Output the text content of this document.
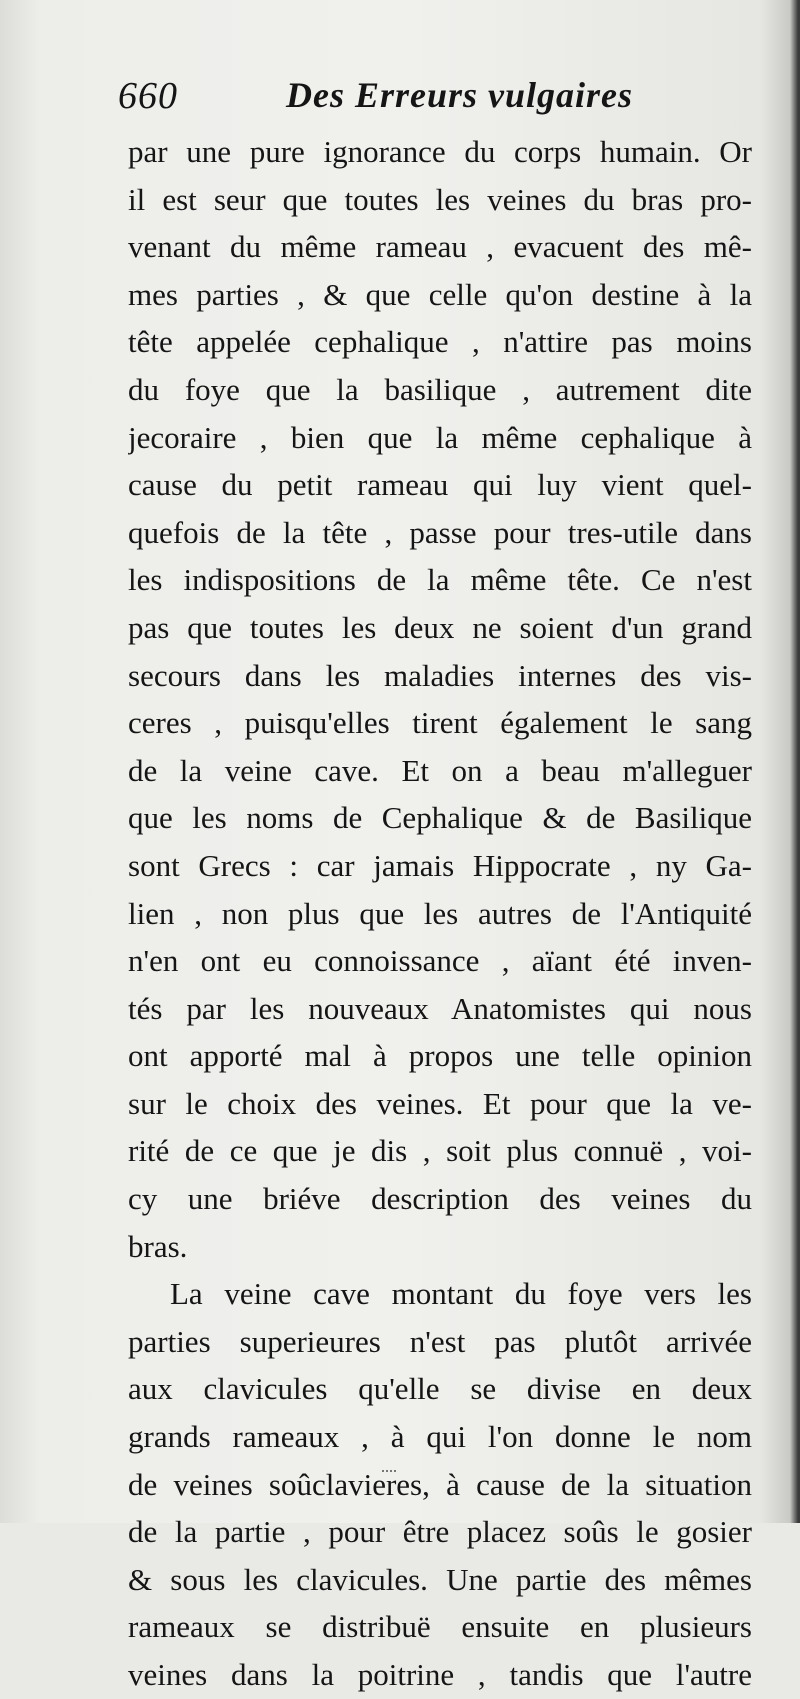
660	Des Erreurs vulgaires
par une pure ignorance du corps humain. Or
il est seur que toutes les veines du bras pro-
venant du même rameau , evacuent des mê-
mes parties , & que celle qu'on destine à la
tête appelée cephalique , n'attire pas moins
du foye que la basilique , autrement dite
jecoraire , bien que la même cephalique à
cause du petit rameau qui luy vient quel-
quefois de la tête , passe pour tres-utile dans
les indispositions de la même tête. Ce n'est
pas que toutes les deux ne soient d'un grand
secours dans les maladies internes des vis-
ceres , puisqu'elles tirent également le sang
de la veine cave. Et on a beau m'alleguer
que les noms de Cephalique & de Basilique
sont Grecs : car jamais Hippocrate , ny Ga-
lien , non plus que les autres de l'Antiquité
n'en ont eu connoissance , aïant été inven-
tés par les nouveaux Anatomistes qui nous
ont apporté mal à propos une telle opinion
sur le choix des veines. Et pour que la ve-
rité de ce que je dis , soit plus connuë , voi-
cy une briéve description des veines du
bras.
La veine cave montant du foye vers les
parties superieures n'est pas plutôt arrivée
aux clavicules qu'elle se divise en deux
grands rameaux , à qui l'on donne le nom
de veines soûclavieres, à cause de la situation
de la partie , pour être placez soûs le gosier
& sous les clavicules. Une partie des mêmes
rameaux se distribuë ensuite en plusieurs
veines dans la poitrine , tandis que l'autre
